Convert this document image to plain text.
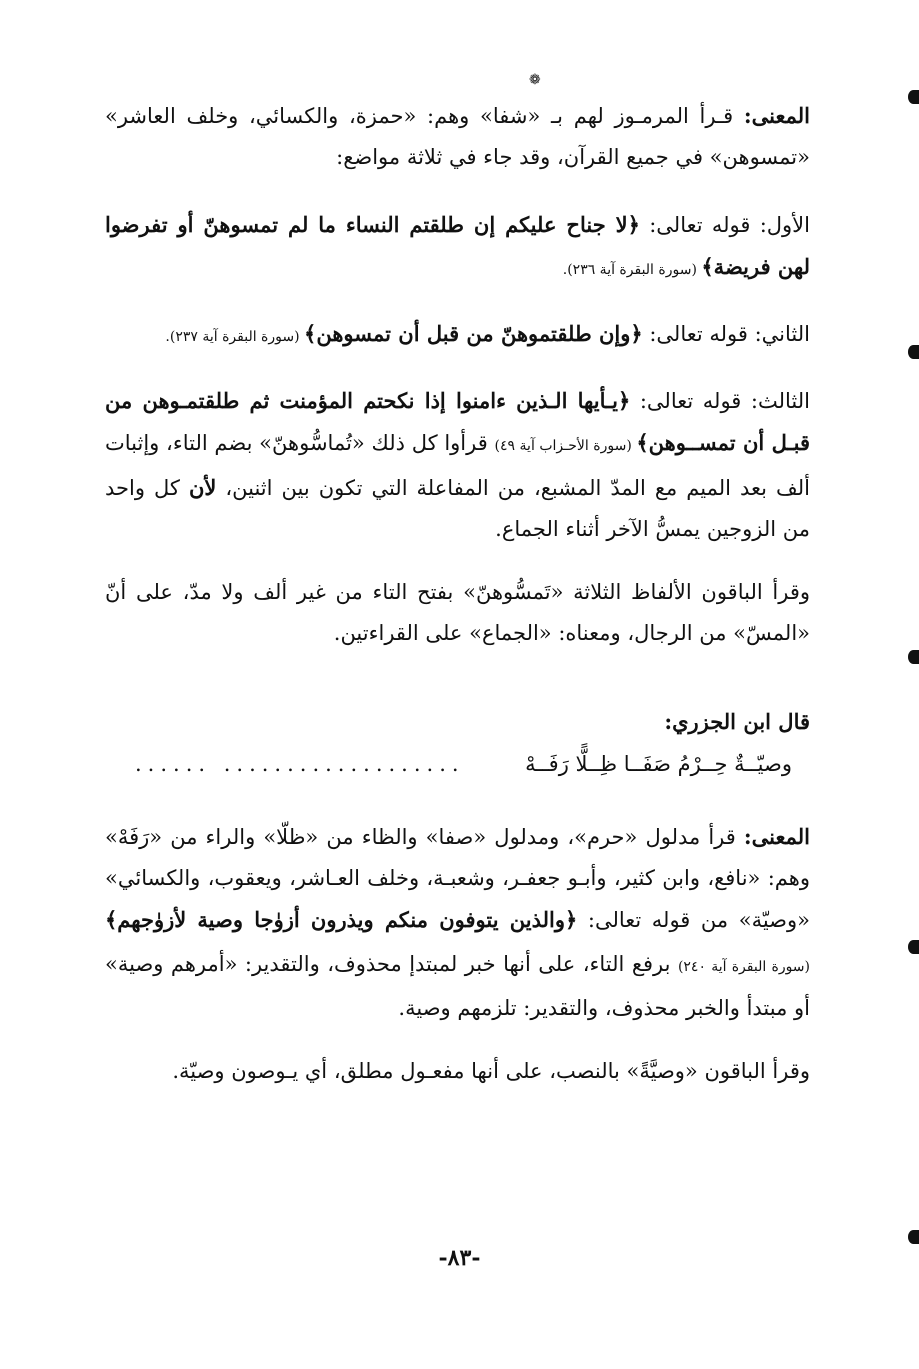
❁

المعنى: قـرأ المرمـوز لهم بـ «شفا» وهم: «حمزة، والكسائي، وخلف العاشر» «تمسوهن» في جميع القرآن، وقد جاء في ثلاثة مواضع:

الأول: قوله تعالى: ﴿لا جناح عليكم إن طلقتم النساء ما لم تمسوهنّ أو تفرضوا لهن فريضة﴾ (سورة البقرة آية ٢٣٦).

الثاني: قوله تعالى: ﴿وإن طلقتموهنّ من قبل أن تمسوهن﴾ (سورة البقرة آية ٢٣٧).

الثالث: قوله تعالى: ﴿يـأيها الـذين ءامنوا إذا نكحتم المؤمنت ثم طلقتمـوهن من قبـل أن تمســوهن﴾ (سورة الأحـزاب آية ٤٩) قرأوا كل ذلك «تُماسُّوهنّ» بضم التاء، وإثبات ألف بعد الميم مع المدّ المشبع، من المفاعلة التي تكون بين اثنين، لأن كل واحد من الزوجين يمسُّ الآخر أثناء الجماع.

وقرأ الباقون الألفاظ الثلاثة «تَمسُّوهنّ» بفتح التاء من غير ألف ولا مدّ، على أنّ «المسّ» من الرجال، ومعناه: «الجماع» على القراءتين.

قال ابن الجزري:
وصيّــةٌ حِــرْمُ صَفَــا ظِــلًّا رَفَــهْ
................... ......

المعنى: قرأ مدلول «حرم»، ومدلول «صفا» والظاء من «ظلّا» والراء من «رَفَهْ» وهم: «نافع، وابن كثير، وأبـو جعفـر، وشعبـة، وخلف العـاشر، ويعقوب، والكسائي» «وصيّة» من قوله تعالى: ﴿والذين يتوفون منكم ويذرون أزوٰجا وصية لأزوٰجهم﴾ (سورة البقرة آية ٢٤٠) برفع التاء، على أنها خبر لمبتدإ محذوف، والتقدير: «أمرهم وصية» أو مبتدأ والخبر محذوف، والتقدير: تلزمهم وصية.

وقرأ الباقون «وصيَّةً» بالنصب، على أنها مفعـول مطلق، أي يـوصون وصيّة.

-٨٣-
